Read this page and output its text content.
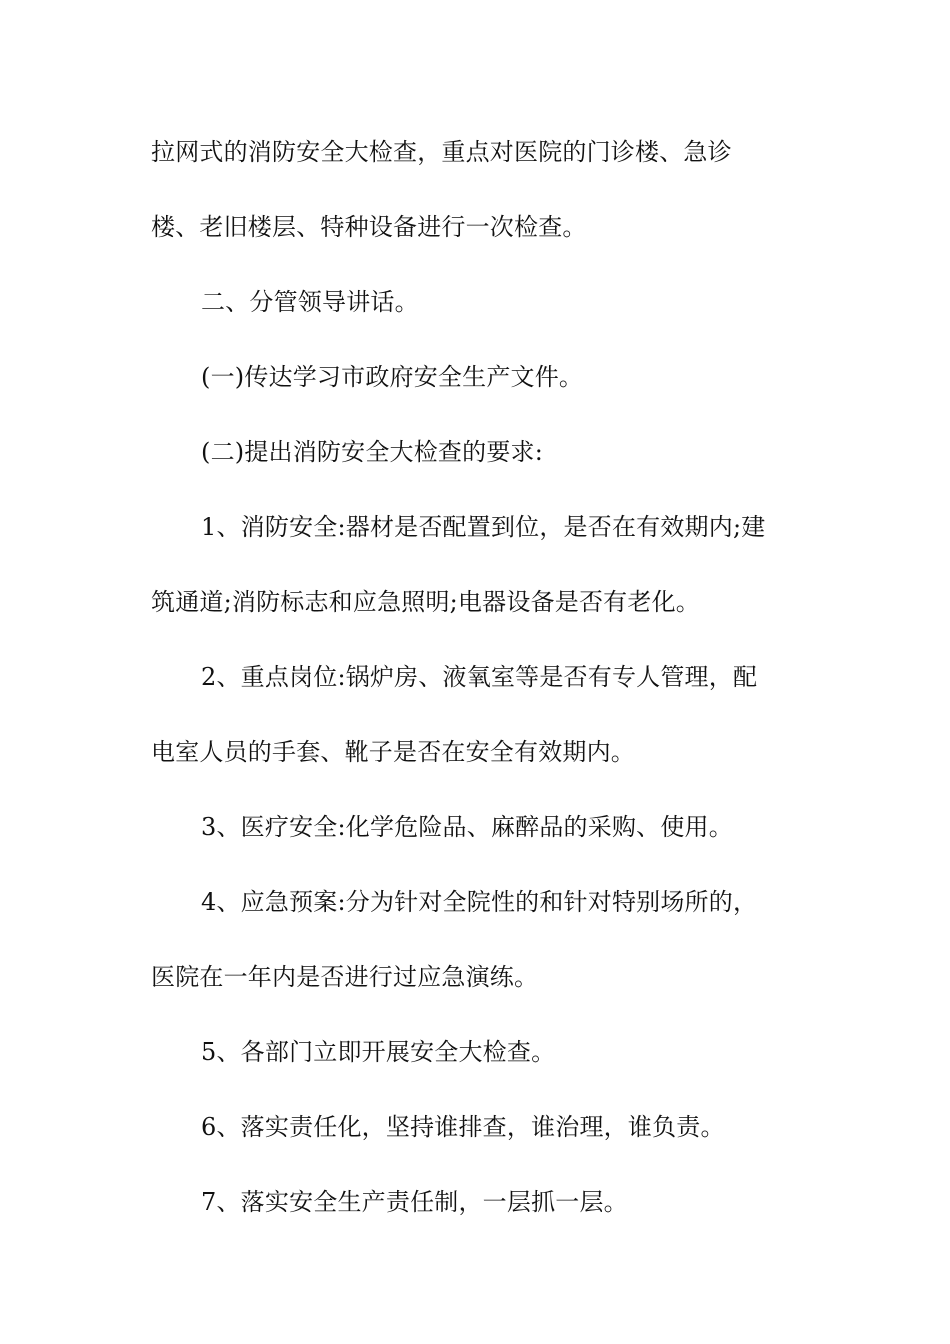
拉网式的消防安全大检查，重点对医院的门诊楼、急诊
楼、老旧楼层、特种设备进行一次检查。
二、分管领导讲话。
(一)传达学习市政府安全生产文件。
(二)提出消防安全大检查的要求:
1、消防安全:器材是否配置到位，是否在有效期内;建
筑通道;消防标志和应急照明;电器设备是否有老化。
2、重点岗位:锅炉房、液氧室等是否有专人管理，配
电室人员的手套、靴子是否在安全有效期内。
3、医疗安全:化学危险品、麻醉品的采购、使用。
4、应急预案:分为针对全院性的和针对特别场所的，
医院在一年内是否进行过应急演练。
5、各部门立即开展安全大检查。
6、落实责任化，坚持谁排查，谁治理，谁负责。
7、落实安全生产责任制，一层抓一层。
